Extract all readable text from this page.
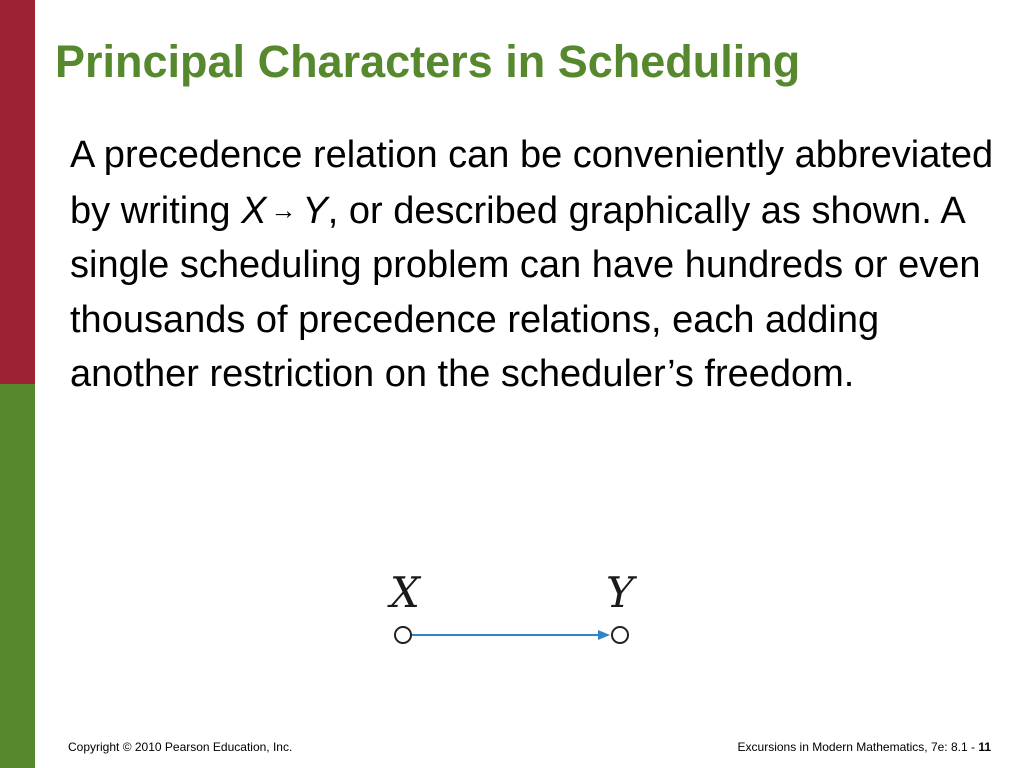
Principal Characters in Scheduling

A precedence relation can be conveniently abbreviated by writing X → Y, or described graphically as shown. A single scheduling problem can have hundreds or even thousands of precedence relations, each adding another restriction on the scheduler’s freedom.

X	Y
Copyright © 2010 Pearson Education, Inc.	Excursions in Modern Mathematics, 7e: 8.1 - 11
